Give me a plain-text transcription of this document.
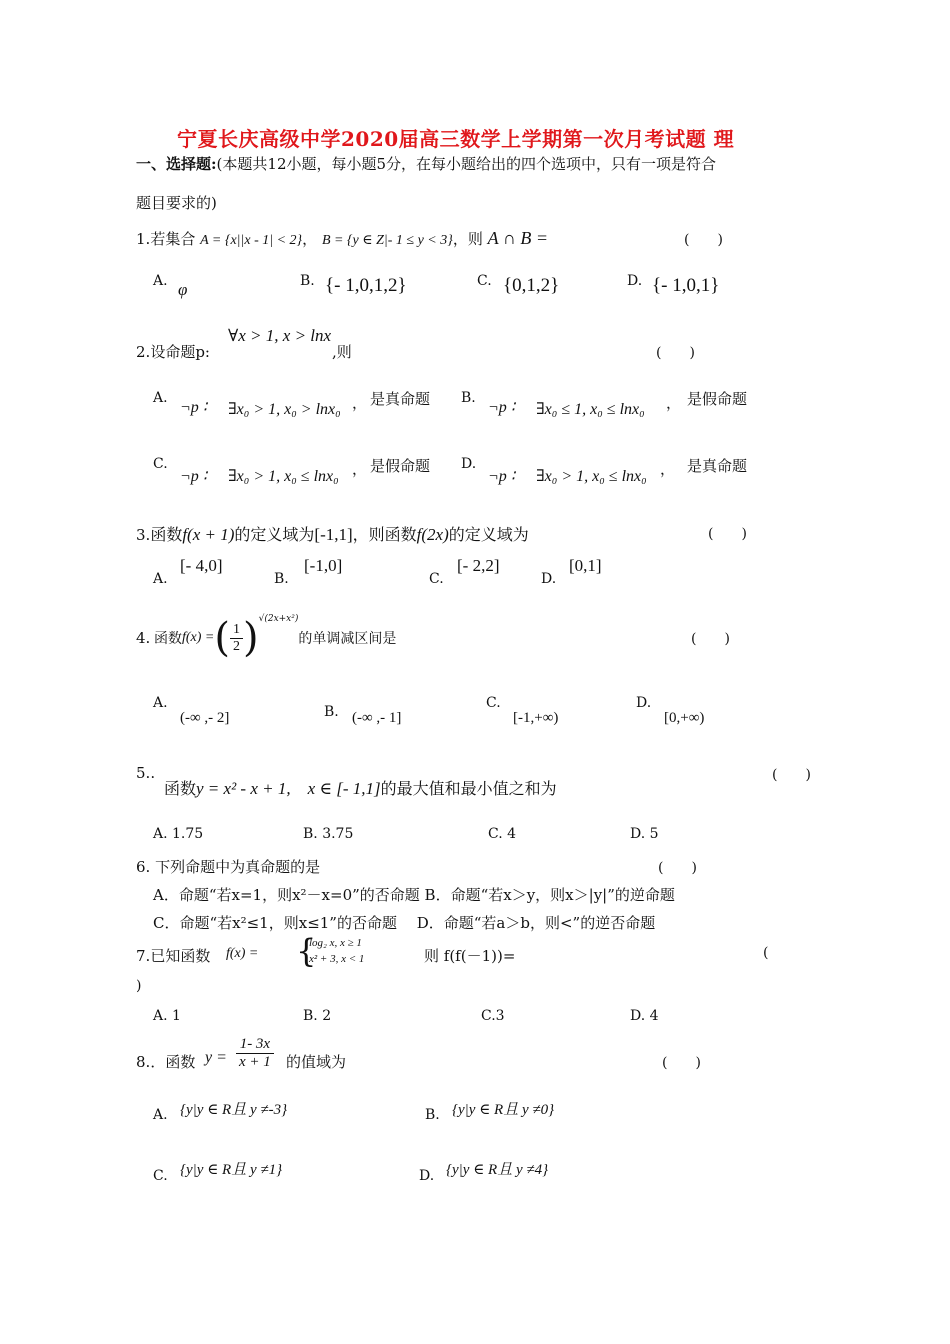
宁夏长庆高级中学2020届高三数学上学期第一次月考试题 理
一、选择题:(本题共12小题，每小题5分，在每小题给出的四个选项中，只有一项是符合
题目要求的)
1.若集合 A = {x||x - 1| < 2}， B = {y ∈ Z|- 1 ≤ y < 3}，则 A ∩ B =	(　　)
A. φ	B. {- 1,0,1,2}	C. {0,1,2}	D. {- 1,0,1}
2.设命题p:
∀x > 1, x > lnx
,则	(　　)
A.
¬p ∶ ∃x₀ > 1, x₀ > lnx₀ ， 是真命题 B.
¬p ∶ ∃x₀ ≤ 1, x₀ ≤ lnx₀ ， 是假命题
C.
¬p ∶ ∃x₀ > 1, x₀ ≤ lnx₀ ， 是假命题 D.
¬p ∶ ∃x₀ > 1, x₀ ≤ lnx₀ ， 是真命题
3.函数f(x + 1)的定义域为[-1,1]，则函数f(2x)的定义域为	(　　)
A.
[- 4,0]
B.
[-1,0]
C.
[- 2,2]
D.
[0,1]
4. 函数f(x) =( $\frac{1}{2} )^{√(2x+x^2)}$的单调减区间是	(　　)
A.
(-∞ ,- 2]	B. (-∞ ,- 1]
C.
[-1,+∞)
D.
[0,+∞)
5..
函数y = x² - x + 1,　x ∈ [- 1,1]的最大值和最小值之和为
(　　)
A. 1.75	B. 3.75	C. 4	D. 5
6. 下列命题中为真命题的是	(　　)
A．命题“若x=1，则x²－x=0”的否命题 B．命题“若x＞y，则x＞|y|”的逆命题
C．命题“若x²≤1，则x≤1”的否命题　 D．命题“若a＞b，则<”的逆否命题
7.已知函数 f(x) = {
log₂ x, x ≥ 1
x² + 3, x < 1	则 f(f(－1))=	(
)
A. 1	B. 2	C.3	D. 4
8.．函数 $y = \frac{1- 3x}{x + 1}$ 的值域为	(　　)
A. {y|y ∈ R且 y ≠-3}	B. {y|y ∈ R且 y ≠0}
C. {y|y ∈ R且 y ≠1}	D. {y|y ∈ R且 y ≠4}
